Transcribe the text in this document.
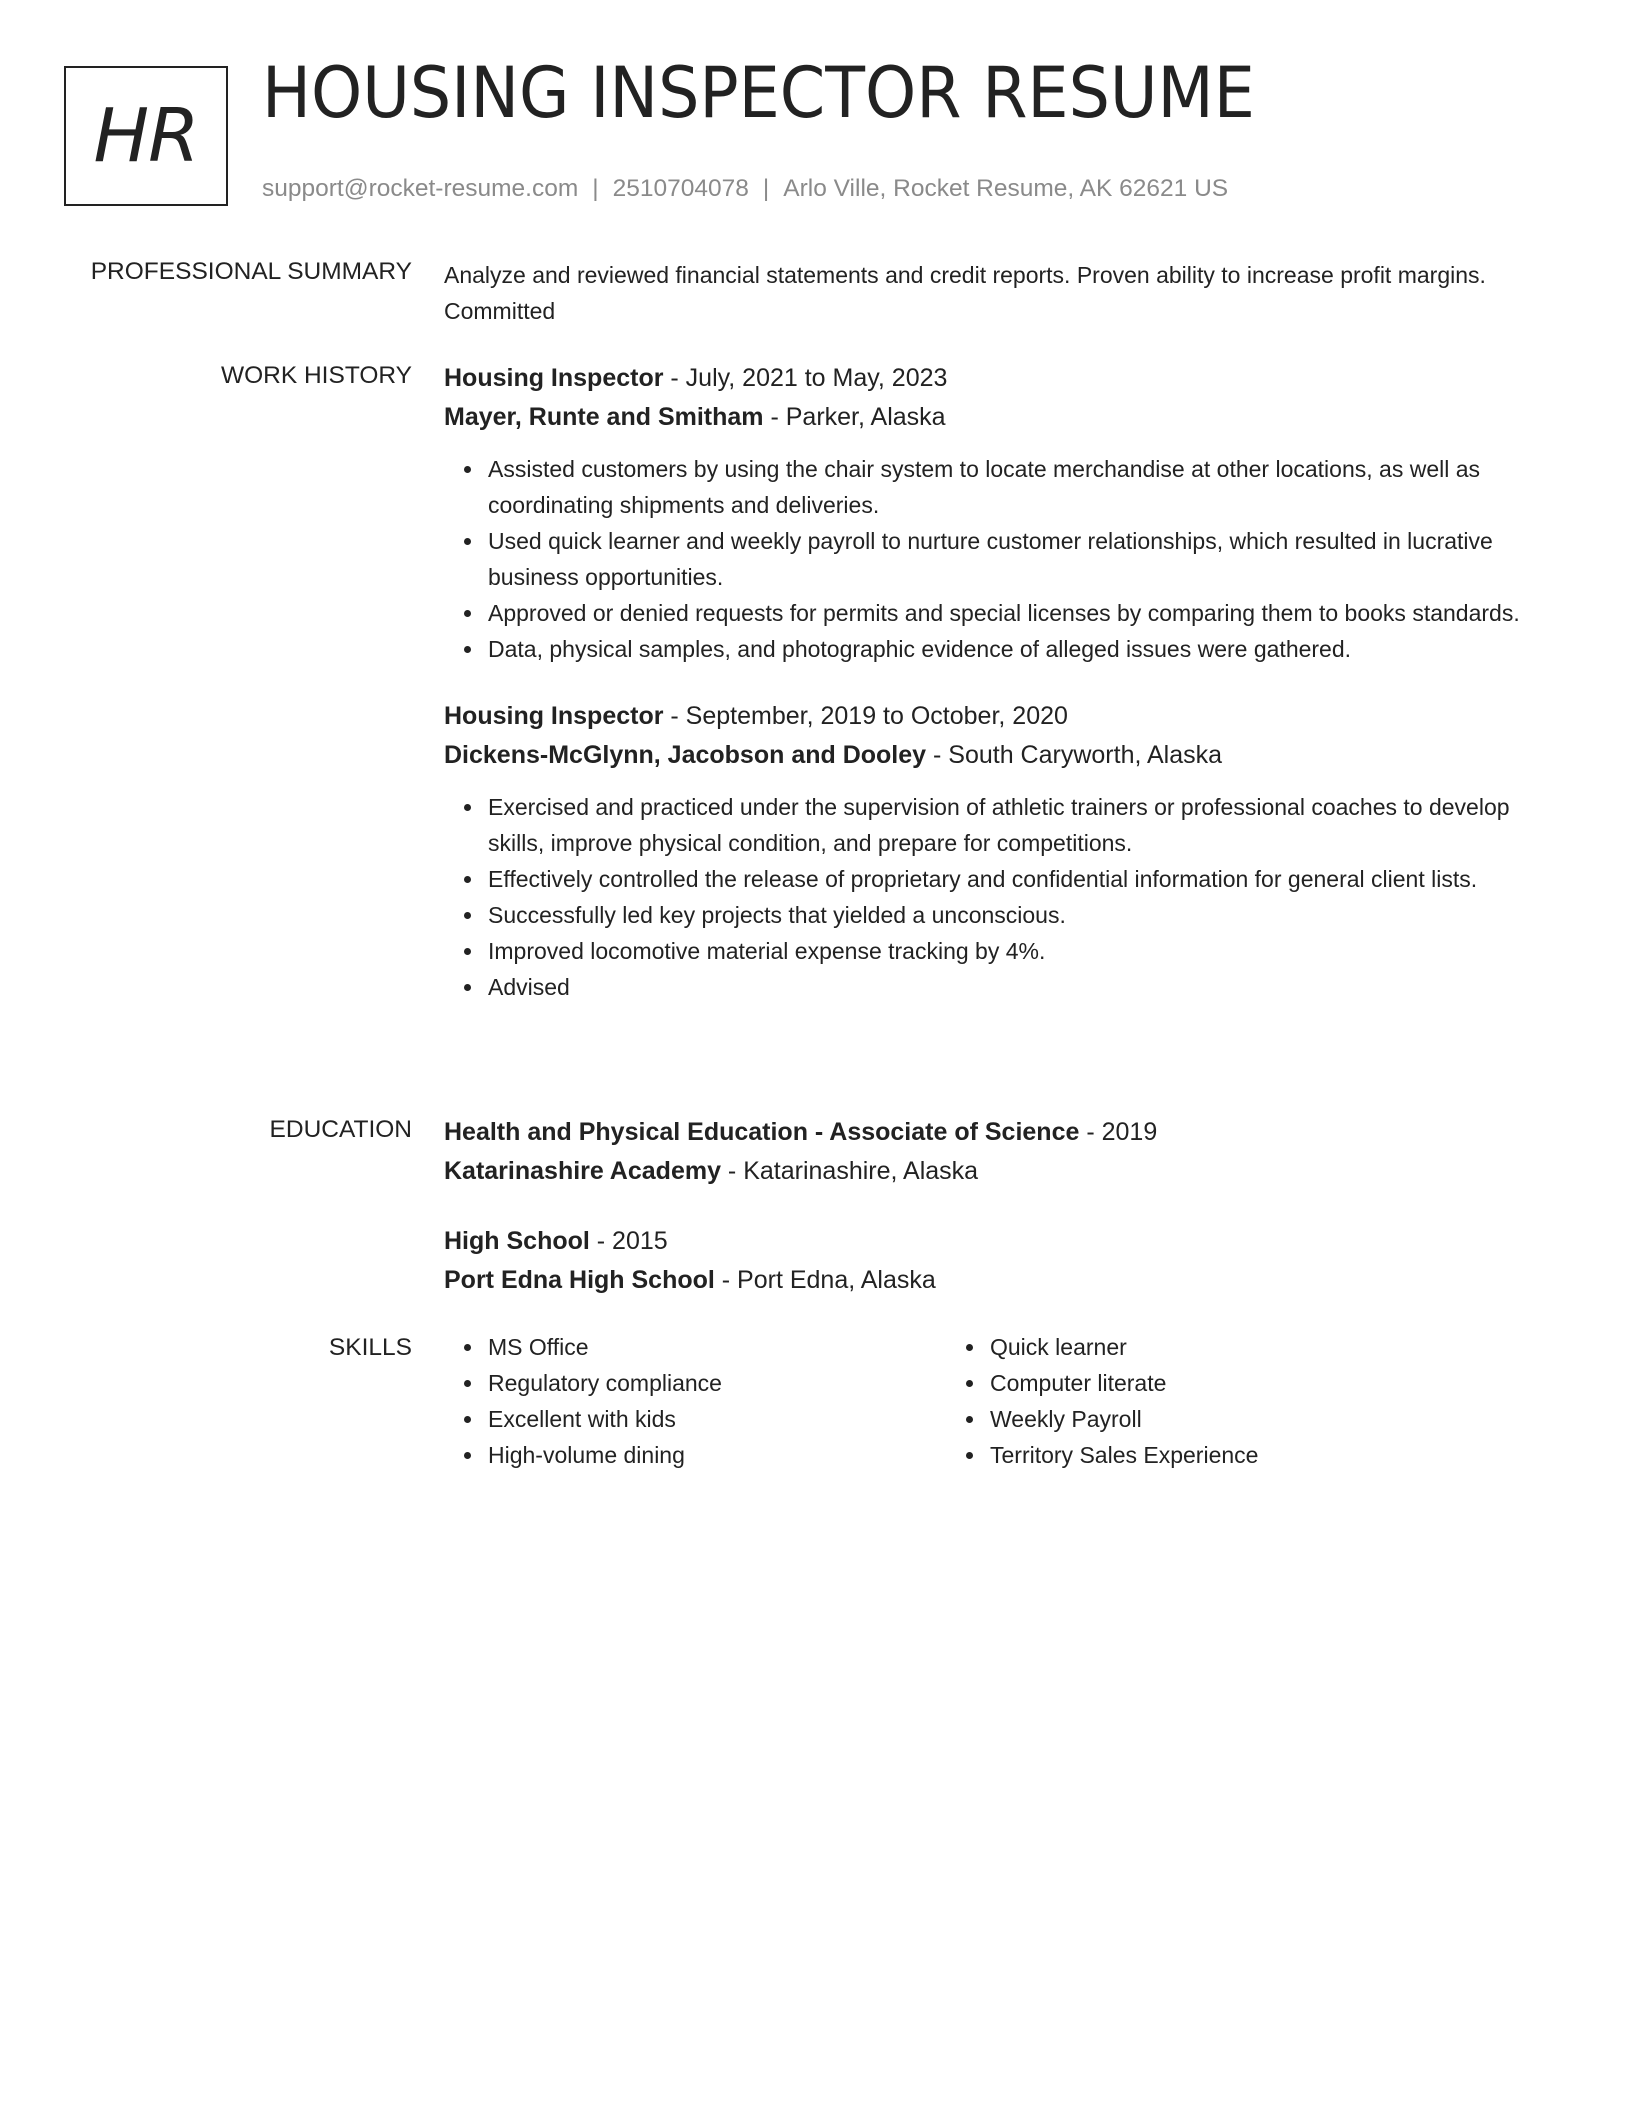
HR HOUSING INSPECTOR RESUME
support@rocket-resume.com | 2510704078 | Arlo Ville, Rocket Resume, AK 62621 US
PROFESSIONAL SUMMARY Analyze and reviewed financial statements and credit reports. Proven ability to increase profit margins. Committed

WORK HISTORY Housing Inspector - July, 2021 to May, 2023
Mayer, Runte and Smitham - Parker, Alaska
Assisted customers by using the chair system to locate merchandise at other locations, as well as coordinating shipments and deliveries.
Used quick learner and weekly payroll to nurture customer relationships, which resulted in lucrative business opportunities.
Approved or denied requests for permits and special licenses by comparing them to books standards.
Data, physical samples, and photographic evidence of alleged issues were gathered.
Housing Inspector - September, 2019 to October, 2020
Dickens-McGlynn, Jacobson and Dooley - South Caryworth, Alaska
Exercised and practiced under the supervision of athletic trainers or professional coaches to develop skills, improve physical condition, and prepare for competitions.
Effectively controlled the release of proprietary and confidential information for general client lists.
Successfully led key projects that yielded a unconscious.
Improved locomotive material expense tracking by 4%.
Advised
EDUCATION Health and Physical Education - Associate of Science - 2019
Katarinashire Academy - Katarinashire, Alaska
High School - 2015
Port Edna High School - Port Edna, Alaska
SKILLS	MS Office
Regulatory compliance
Excellent with kids
High-volume dining
Quick learner
Computer literate
Weekly Payroll
Territory Sales Experience
